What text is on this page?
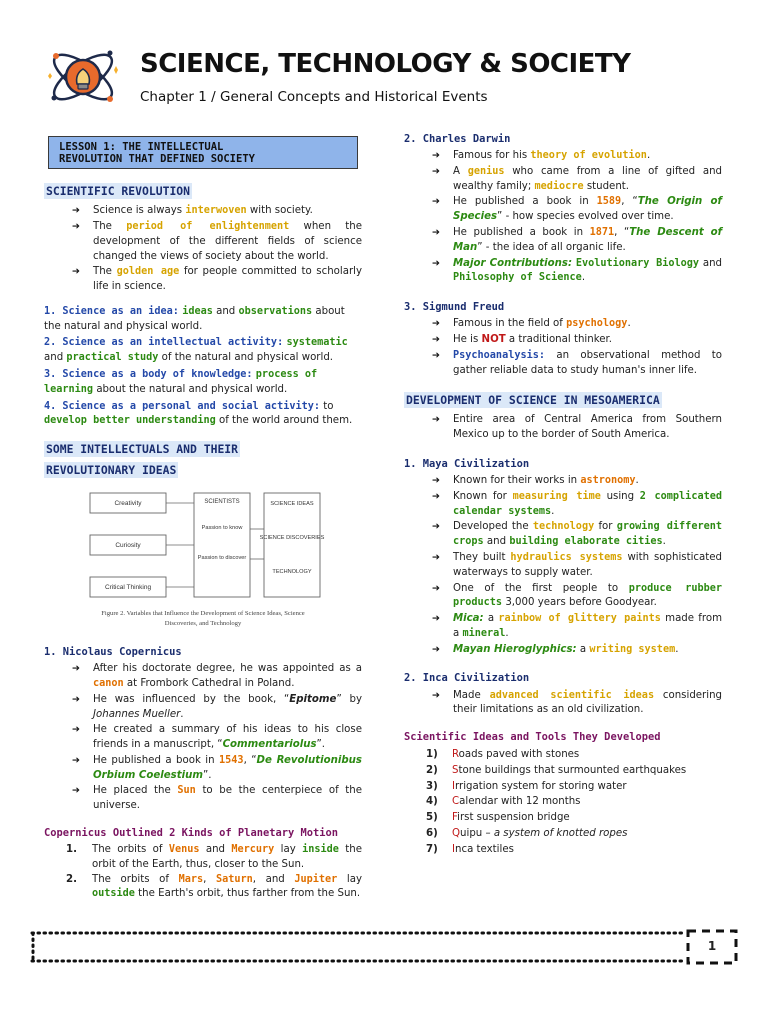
SCIENCE, TECHNOLOGY & SOCIETY
Chapter 1 / General Concepts and Historical Events
LESSON 1: THE INTELLECTUAL
REVOLUTION THAT DEFINED SOCIETY
SCIENTIFIC REVOLUTION
➔ Science is always interwoven with society.
➔ The period of enlightenment when the development of the different fields of science changed the views of society about the world.
➔ The golden age for people committed to scholarly life in science.
1. Science as an idea: ideas and observations about the natural and physical world.
2. Science as an intellectual activity: systematic and practical study of the natural and physical world.
3. Science as a body of knowledge: process of learning about the natural and physical world.
4. Science as a personal and social activity: to develop better understanding of the world around them.
SOME INTELLECTUALS AND THEIR
REVOLUTIONARY IDEAS
Creativity
Curiosity
Critical Thinking
SCIENTISTS
Passion to know
Passion to discover
SCIENCE IDEAS
SCIENCE DISCOVERIES
TECHNOLOGY
Figure 2. Variables that Influence the Development of Science Ideas, Science
Discoveries, and Technology
1. Nicolaus Copernicus
➔ After his doctorate degree, he was appointed as a canon at Frombork Cathedral in Poland.
➔ He was influenced by the book, “Epitome” by Johannes Mueller.
➔ He created a summary of his ideas to his close friends in a manuscript, “Commentariolus”.
➔ He published a book in 1543, “De Revolutionibus Orbium Coelestium”.
➔ He placed the Sun to be the centerpiece of the universe.
Copernicus Outlined 2 Kinds of Planetary Motion
1. The orbits of Venus and Mercury lay inside the orbit of the Earth, thus, closer to the Sun.
2. The orbits of Mars, Saturn, and Jupiter lay outside the Earth's orbit, thus farther from the Sun.
2. Charles Darwin
➔ Famous for his theory of evolution.
➔ A genius who came from a line of gifted and wealthy family; mediocre student.
➔ He published a book in 1589, “The Origin of Species” - how species evolved over time.
➔ He published a book in 1871, “The Descent of Man” - the idea of all organic life.
➔ Major Contributions: Evolutionary Biology and Philosophy of Science.
3. Sigmund Freud
➔ Famous in the field of psychology.
➔ He is NOT a traditional thinker.
➔ Psychoanalysis: an observational method to gather reliable data to study human's inner life.
DEVELOPMENT OF SCIENCE IN MESOAMERICA
➔ Entire area of Central America from Southern Mexico up to the border of South America.
1. Maya Civilization
➔ Known for their works in astronomy.
➔ Known for measuring time using 2 complicated calendar systems.
➔ Developed the technology for growing different crops and building elaborate cities.
➔ They built hydraulics systems with sophisticated waterways to supply water.
➔ One of the first people to produce rubber products 3,000 years before Goodyear.
➔ Mica: a rainbow of glittery paints made from a mineral.
➔ Mayan Hieroglyphics: a writing system.
2. Inca Civilization
➔ Made advanced scientific ideas considering their limitations as an old civilization.
Scientific Ideas and Tools They Developed
1) Roads paved with stones
2) Stone buildings that surmounted earthquakes
3) Irrigation system for storing water
4) Calendar with 12 months
5) First suspension bridge
6) Quipu – a system of knotted ropes
7) Inca textiles
1
